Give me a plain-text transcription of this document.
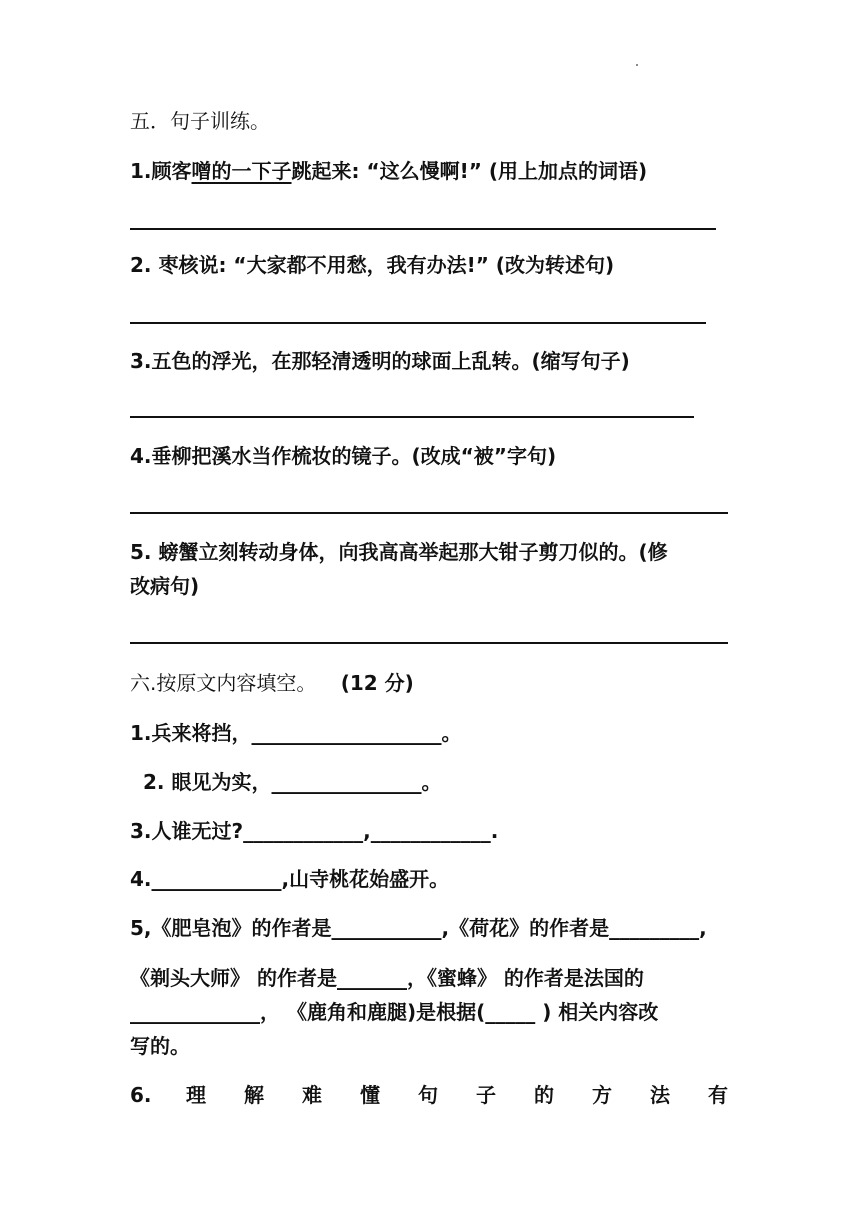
五．句子训练。
1.顾客噌的一下子跳起来: “这么慢啊!” (用上加点的词语)
2. 枣核说: “大家都不用愁，我有办法!” (改为转述句)
3.五色的浮光，在那轻清透明的球面上乱转。(缩写句子)
4.垂柳把溪水当作梳妆的镜子。(改成“被”字句)
5. 螃蟹立刻转动身体，向我高高举起那大钳子剪刀似的。(修
改病句)
六.按原文内容填空。 (12 分)
1.兵来将挡，___________________。
2. 眼见为实，_______________。
3.人谁无过?____________,____________.
4._____________,山寺桃花始盛开。
5,《肥皂泡》的作者是___________,《荷花》的作者是_________,
《剃头大师》 的作者是_______，《蜜蜂》 的作者是法国的
_____________， 《鹿角和鹿腿)是根据(_____ ) 相关内容改
写的。
6. 理 解 难 懂 句 子 的 方 法 有
